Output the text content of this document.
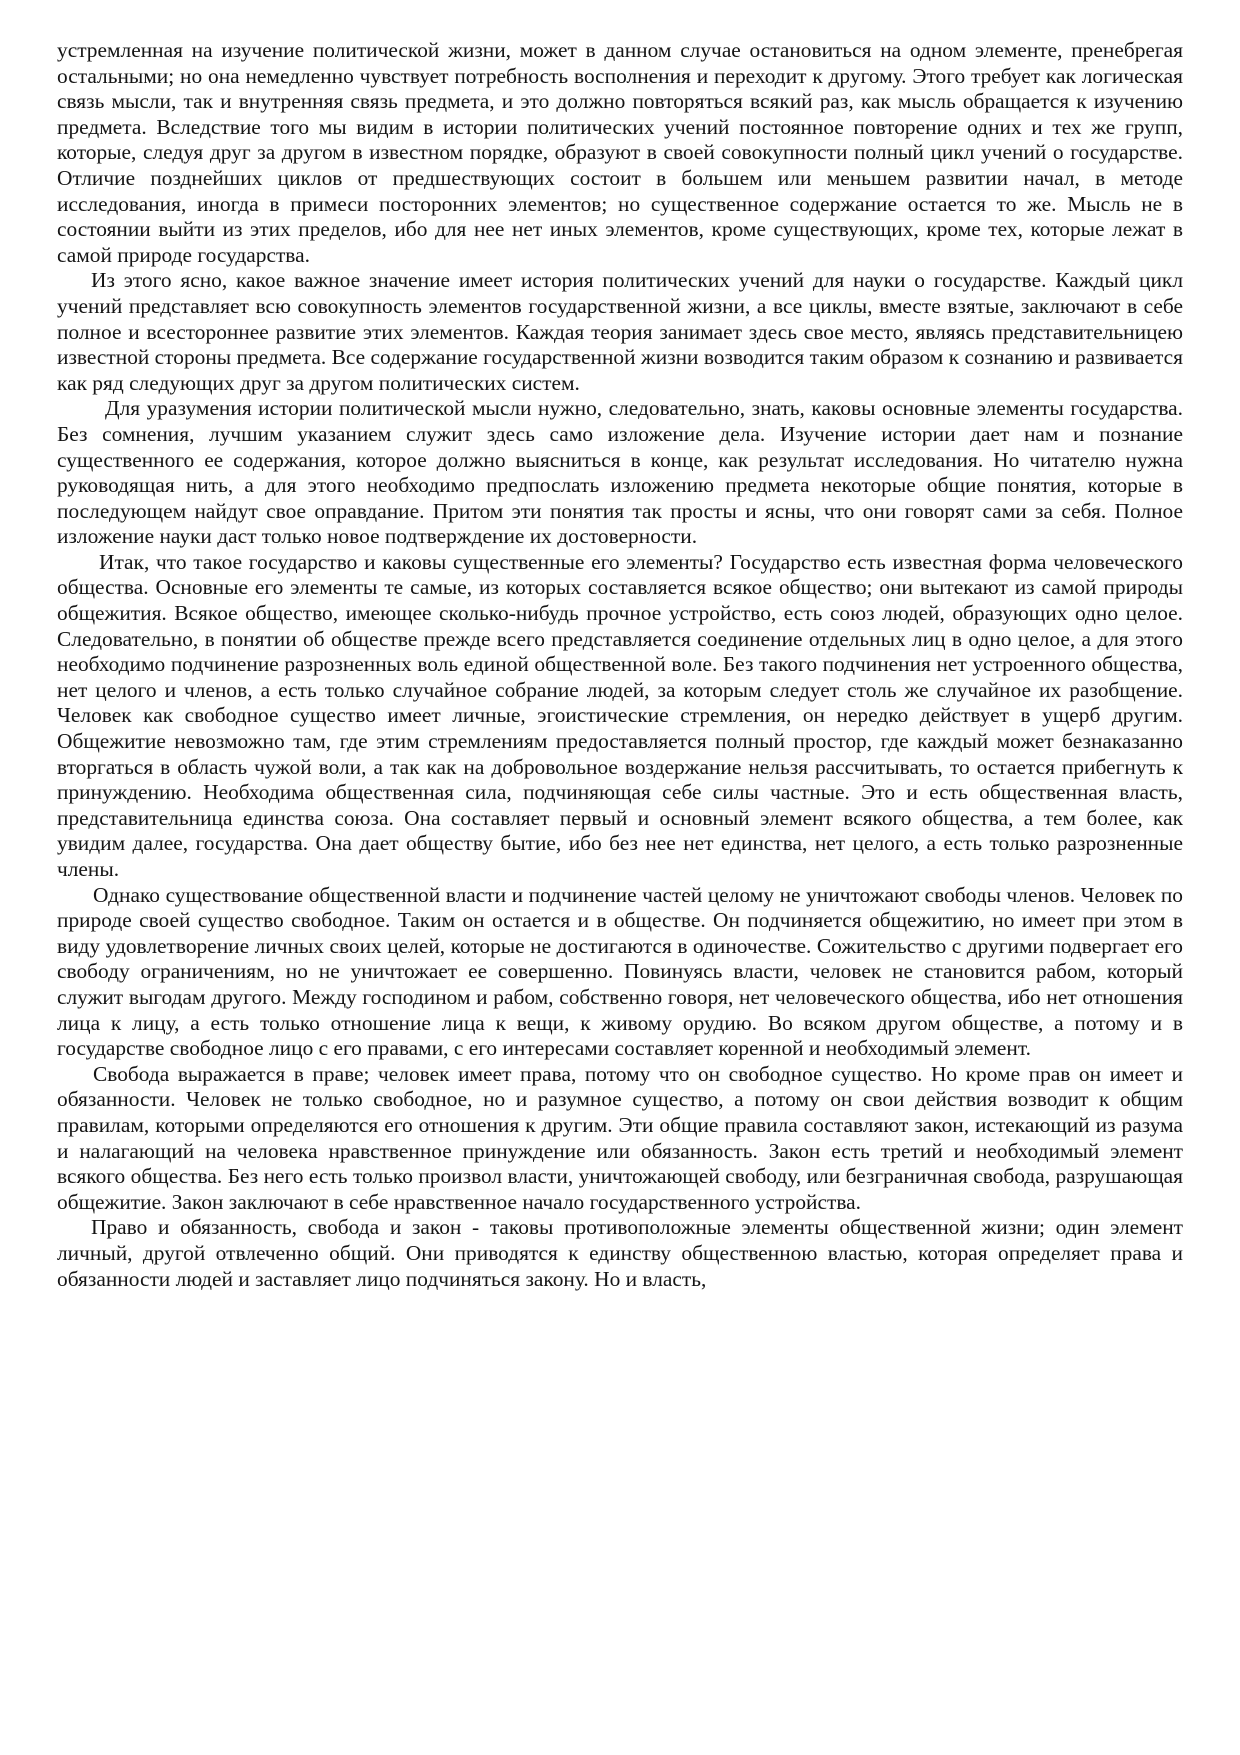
устремленная на изучение политической жизни, может в данном случае остановиться на одном элементе, пренебрегая остальными; но она немедленно чувствует потребность восполнения и переходит к другому. Этого требует как логическая связь мысли, так и внутренняя связь предмета, и это должно повторяться всякий раз, как мысль обращается к изучению предмета. Вследствие того мы видим в истории политических учений постоянное повторение одних и тех же групп, которые, следуя друг за другом в известном порядке, образуют в своей совокупности полный цикл учений о государстве. Отличие позднейших циклов от предшествующих состоит в большем или меньшем развитии начал, в методе исследования, иногда в примеси посторонних элементов; но существенное содержание остается то же. Мысль не в состоянии выйти из этих пределов, ибо для нее нет иных элементов, кроме существующих, кроме тех, которые лежат в самой природе государства.

Из этого ясно, какое важное значение имеет история политических учений для науки о государстве. Каждый цикл учений представляет всю совокупность элементов государственной жизни, а все циклы, вместе взятые, заключают в себе полное и всестороннее развитие этих элементов. Каждая теория занимает здесь свое место, являясь представительницею известной стороны предмета. Все содержание государственной жизни возводится таким образом к сознанию и развивается как ряд следующих друг за другом политических систем.

Для уразумения истории политической мысли нужно, следовательно, знать, каковы основные элементы государства. Без сомнения, лучшим указанием служит здесь само изложение дела. Изучение истории дает нам и познание существенного ее содержания, которое должно выясниться в конце, как результат исследования. Но читателю нужна руководящая нить, а для этого необходимо предпослать изложению предмета некоторые общие понятия, которые в последующем найдут свое оправдание. Притом эти понятия так просты и ясны, что они говорят сами за себя. Полное изложение науки даст только новое подтверждение их достоверности.

Итак, что такое государство и каковы существенные его элементы? Государство есть известная форма человеческого общества. Основные его элементы те самые, из которых составляется всякое общество; они вытекают из самой природы общежития. Всякое общество, имеющее сколько-нибудь прочное устройство, есть союз людей, образующих одно целое. Следовательно, в понятии об обществе прежде всего представляется соединение отдельных лиц в одно целое, а для этого необходимо подчинение разрозненных воль единой общественной воле. Без такого подчинения нет устроенного общества, нет целого и членов, а есть только случайное собрание людей, за которым следует столь же случайное их разобщение. Человек как свободное существо имеет личные, эгоистические стремления, он нередко действует в ущерб другим. Общежитие невозможно там, где этим стремлениям предоставляется полный простор, где каждый может безнаказанно вторгаться в область чужой воли, а так как на добровольное воздержание нельзя рассчитывать, то остается прибегнуть к принуждению. Необходима общественная сила, подчиняющая себе силы частные. Это и есть общественная власть, представительница единства союза. Она составляет первый и основный элемент всякого общества, а тем более, как увидим далее, государства. Она дает обществу бытие, ибо без нее нет единства, нет целого, а есть только разрозненные члены.

Однако существование общественной власти и подчинение частей целому не уничтожают свободы членов. Человек по природе своей существо свободное. Таким он остается и в обществе. Он подчиняется общежитию, но имеет при этом в виду удовлетворение личных своих целей, которые не достигаются в одиночестве. Сожительство с другими подвергает его свободу ограничениям, но не уничтожает ее совершенно. Повинуясь власти, человек не становится рабом, который служит выгодам другого. Между господином и рабом, собственно говоря, нет человеческого общества, ибо нет отношения лица к лицу, а есть только отношение лица к вещи, к живому орудию. Во всяком другом обществе, а потому и в государстве свободное лицо с его правами, с его интересами составляет коренной и необходимый элемент.

Свобода выражается в праве; человек имеет права, потому что он свободное существо. Но кроме прав он имеет и обязанности. Человек не только свободное, но и разумное существо, а потому он свои действия возводит к общим правилам, которыми определяются его отношения к другим. Эти общие правила составляют закон, истекающий из разума и налагающий на человека нравственное принуждение или обязанность. Закон есть третий и необходимый элемент всякого общества. Без него есть только произвол власти, уничтожающей свободу, или безграничная свобода, разрушающая общежитие. Закон заключают в себе нравственное начало государственного устройства.

Право и обязанность, свобода и закон - таковы противоположные элементы общественной жизни; один элемент личный, другой отвлеченно общий. Они приводятся к единству общественною властью, которая определяет права и обязанности людей и заставляет лицо подчиняться закону. Но и власть,
